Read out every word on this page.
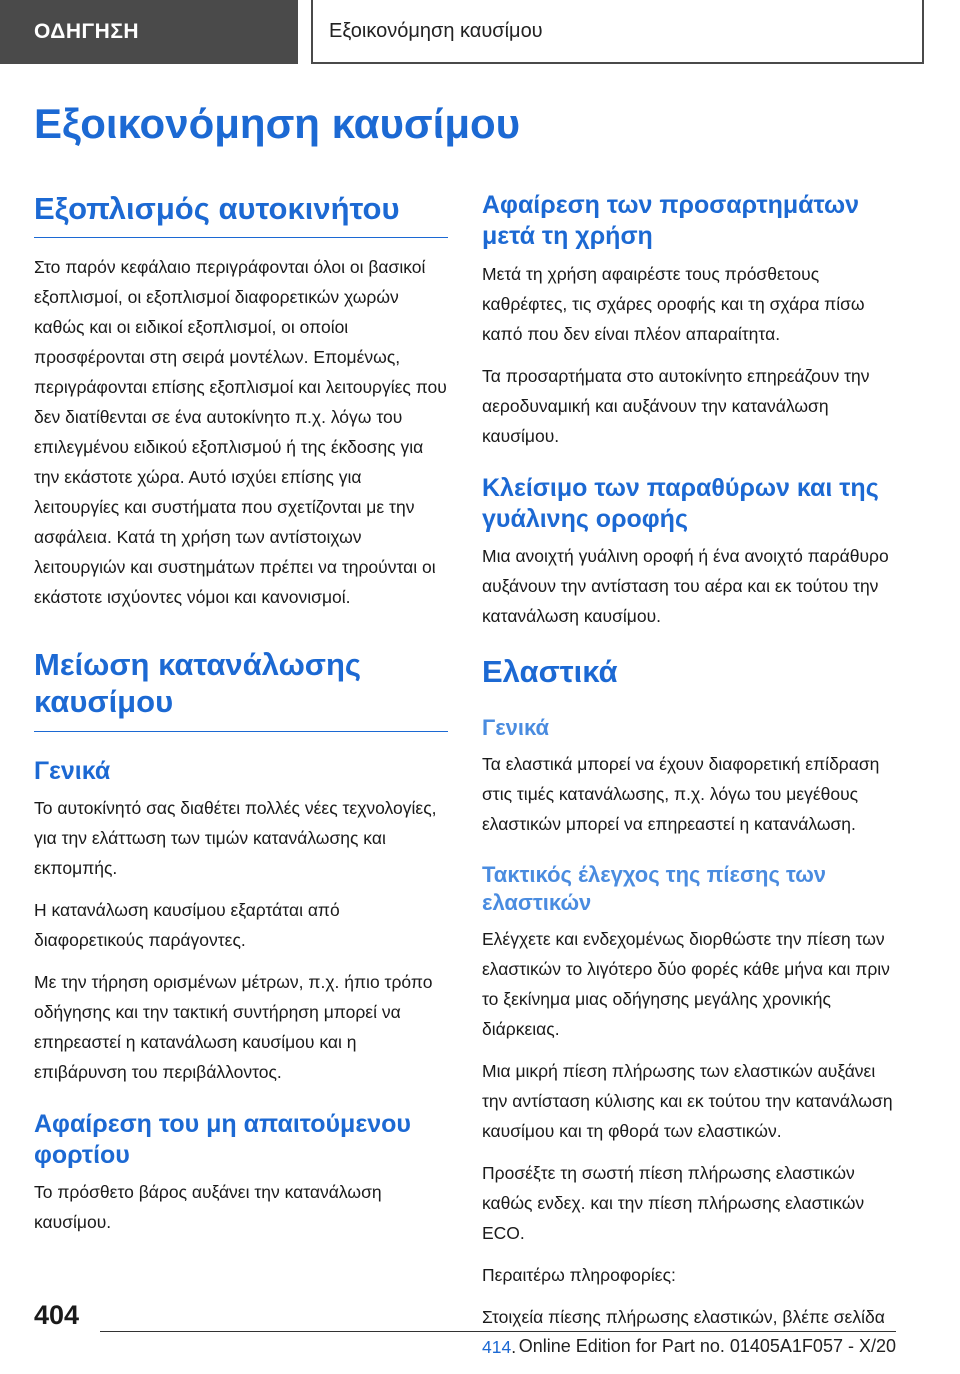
ΟΔΗΓΗΣΗ	Εξοικονόμηση καυσίμου
Εξοικονόμηση καυσίμου
Εξοπλισμός αυτοκινήτου

Στο παρόν κεφάλαιο περιγράφονται όλοι οι βασικοί εξοπλισμοί, οι εξοπλισμοί διαφορετικών χωρών καθώς και οι ειδικοί εξοπλισμοί, οι οποίοι προσφέρονται στη σειρά μοντέλων. Επομένως, περιγράφονται επίσης εξοπλισμοί και λειτουργίες που δεν διατίθενται σε ένα αυτοκίνητο π.χ. λόγω του επιλεγμένου ειδικού εξοπλισμού ή της έκδοσης για την εκάστοτε χώρα. Αυτό ισχύει επίσης για λειτουργίες και συστήματα που σχετίζονται με την ασφάλεια. Κατά τη χρήση των αντίστοιχων λειτουργιών και συστημάτων πρέπει να τηρούνται οι εκάστοτε ισχύοντες νόμοι και κανονισμοί.

Μείωση κατανάλωσης καυσίμου
Γενικά

Το αυτοκίνητό σας διαθέτει πολλές νέες τεχνολογίες, για την ελάττωση των τιμών κατανάλωσης και εκπομπής.

Η κατανάλωση καυσίμου εξαρτάται από διαφορετικούς παράγοντες.

Με την τήρηση ορισμένων μέτρων, π.χ. ήπιο τρόπο οδήγησης και την τακτική συντήρηση μπορεί να επηρεαστεί η κατανάλωση καυσίμου και η επιβάρυνση του περιβάλλοντος.

Αφαίρεση του μη απαιτούμενου φορτίου

Το πρόσθετο βάρος αυξάνει την κατανάλωση καυσίμου.

Αφαίρεση των προσαρτημάτων μετά τη χρήση

Μετά τη χρήση αφαιρέστε τους πρόσθετους καθρέφτες, τις σχάρες οροφής και τη σχάρα πίσω καπό που δεν είναι πλέον απαραίτητα.

Τα προσαρτήματα στο αυτοκίνητο επηρεάζουν την αεροδυναμική και αυξάνουν την κατανάλωση καυσίμου.

Κλείσιμο των παραθύρων και της γυάλινης οροφής

Μια ανοιχτή γυάλινη οροφή ή ένα ανοιχτό παράθυρο αυξάνουν την αντίσταση του αέρα και εκ τούτου την κατανάλωση καυσίμου.

Ελαστικά
Γενικά

Τα ελαστικά μπορεί να έχουν διαφορετική επίδραση στις τιμές κατανάλωσης, π.χ. λόγω του μεγέθους ελαστικών μπορεί να επηρεαστεί η κατανάλωση.

Τακτικός έλεγχος της πίεσης των ελαστικών

Ελέγχετε και ενδεχομένως διορθώστε την πίεση των ελαστικών το λιγότερο δύο φορές κάθε μήνα και πριν το ξεκίνημα μιας οδήγησης μεγάλης χρονικής διάρκειας.

Μια μικρή πίεση πλήρωσης των ελαστικών αυξάνει την αντίσταση κύλισης και εκ τούτου την κατανάλωση καυσίμου και τη φθορά των ελαστικών.

Προσέξτε τη σωστή πίεση πλήρωσης ελαστικών καθώς ενδεχ. και την πίεση πλήρωσης ελαστικών ECO.

Περαιτέρω πληροφορίες:

Στοιχεία πίεσης πλήρωσης ελαστικών, βλέπε σελίδα 414.

404
Online Edition for Part no. 01405A1F057 - X/20
